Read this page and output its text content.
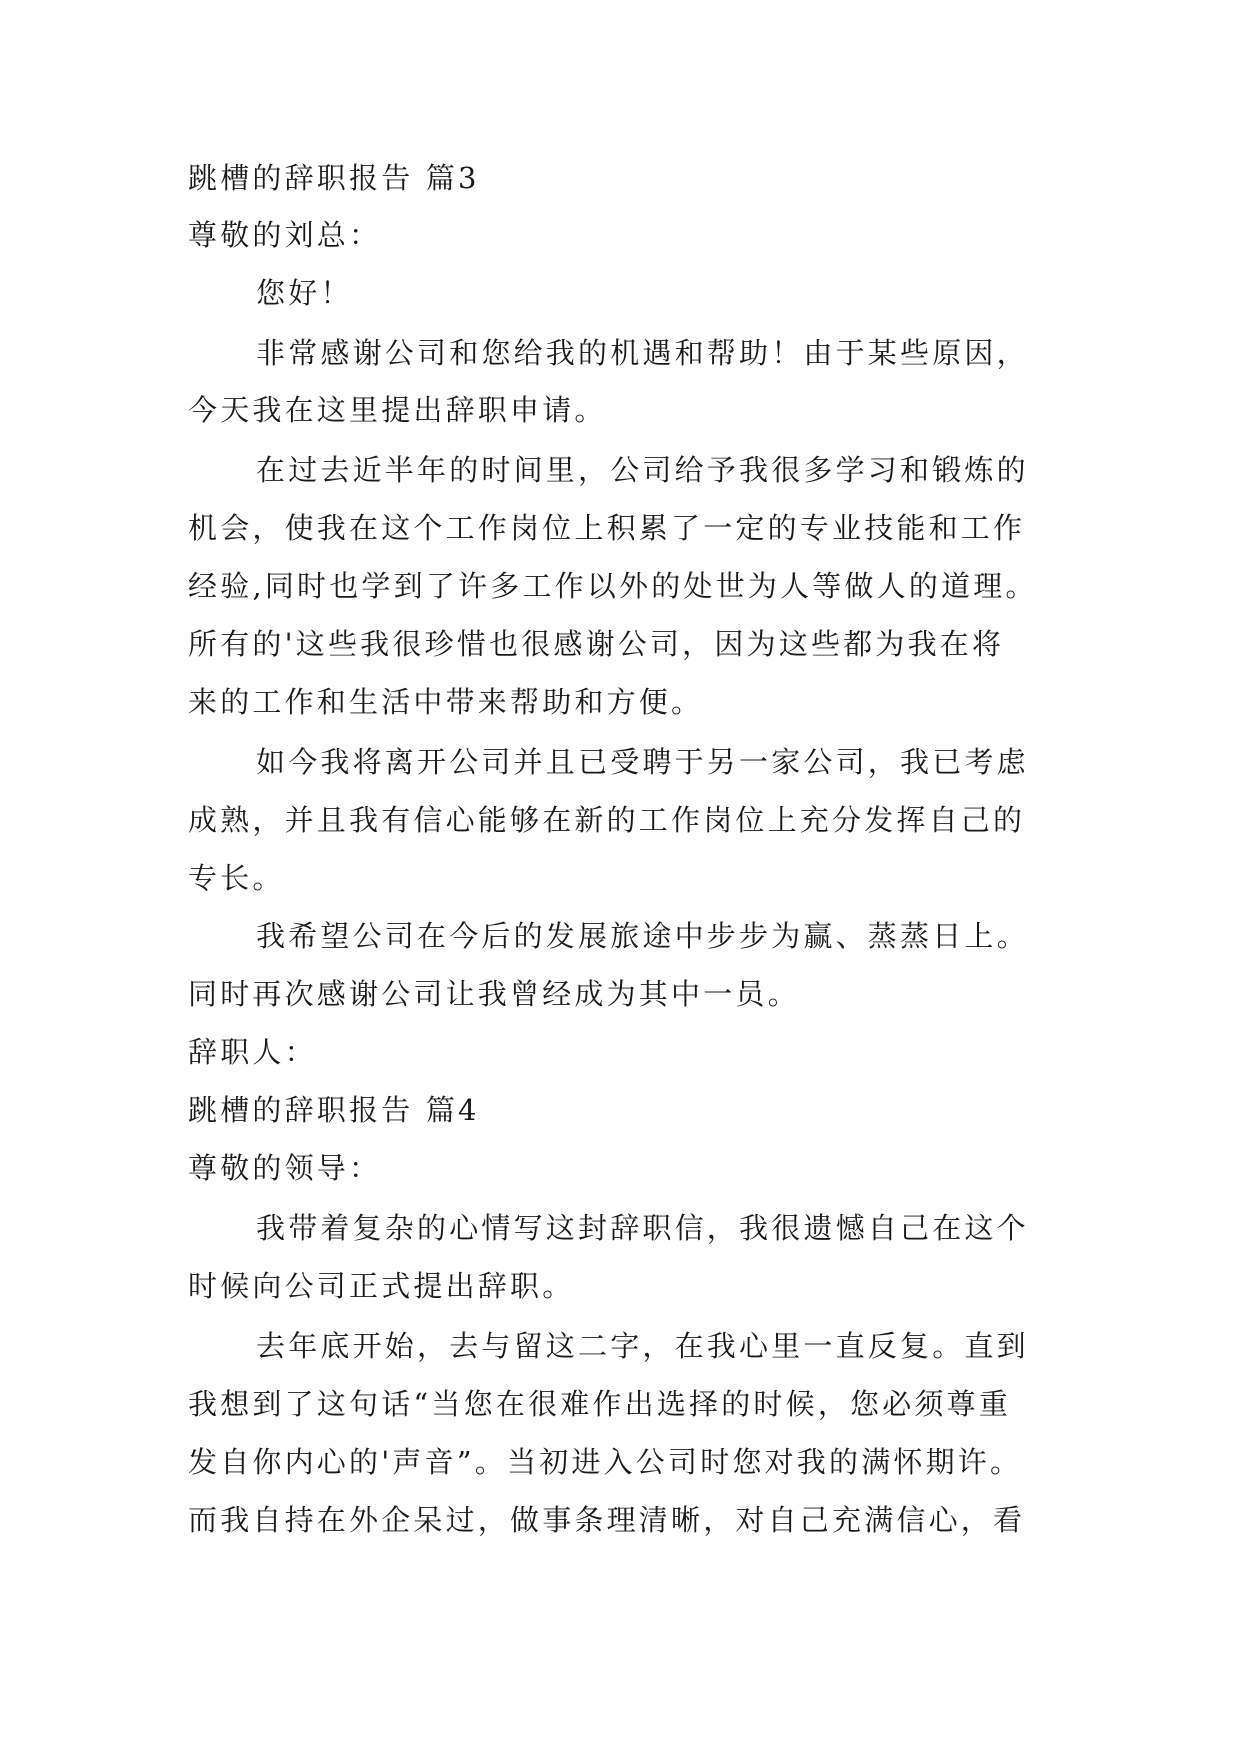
跳槽的辞职报告 篇3
尊敬的刘总：
您好！
非常感谢公司和您给我的机遇和帮助！由于某些原因，
今天我在这里提出辞职申请。
在过去近半年的时间里，公司给予我很多学习和锻炼的
机会，使我在这个工作岗位上积累了一定的专业技能和工作
经验,同时也学到了许多工作以外的处世为人等做人的道理。
所有的'这些我很珍惜也很感谢公司，因为这些都为我在将
来的工作和生活中带来帮助和方便。
如今我将离开公司并且已受聘于另一家公司，我已考虑
成熟，并且我有信心能够在新的工作岗位上充分发挥自己的
专长。
我希望公司在今后的发展旅途中步步为赢、蒸蒸日上。
同时再次感谢公司让我曾经成为其中一员。
辞职人：
跳槽的辞职报告 篇4
尊敬的领导：
我带着复杂的心情写这封辞职信，我很遗憾自己在这个
时候向公司正式提出辞职。
去年底开始，去与留这二字，在我心里一直反复。直到
我想到了这句话“当您在很难作出选择的时候，您必须尊重
发自你内心的'声音”。当初进入公司时您对我的满怀期许。
而我自持在外企呆过，做事条理清晰，对自己充满信心，看
